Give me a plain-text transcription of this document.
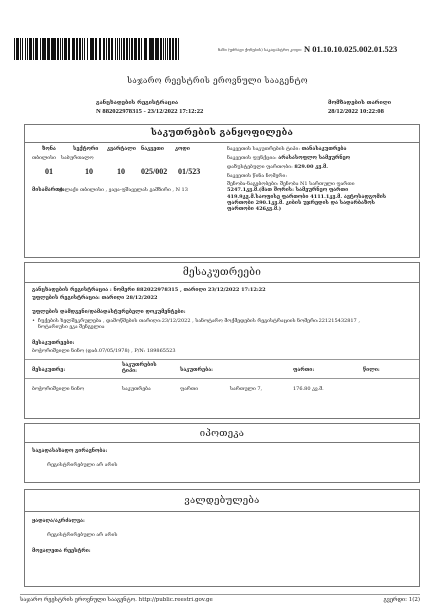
ნაზი (უძრავი ქონების) საკადასტრო კოდი: N 01.10.10.025.002.01.523
საჯარო რეესტრის ეროვნული სააგენტო
განცხადების რეგისტრაცია
N 882022978315 - 23/12/2022 17:12:22
მომზადების თარიღი
28/12/2022 10:22:08
საკუთრების განყოფილება
ზონა	სექტორი კვარტალი ნაკვეთი კოდი
თბილისი საბურთალო
01	10	10 025/002 01/523
მისამართი:
ქალაქი თბილისი , ვაჟა-ფშაველას გამზირი , N 13
ნაკვეთის საკუთრების ტიპი: თანასაკუთრება
ნაკვეთის ფუნქცია: არასასოფლო სამეურნეო
დაზუსტებული ფართობი: 829.00 კვ.მ.
ნაკვეთის წინა ნომერი:
შენობა-ნაგებობები: შენობა N1 სართული ფართი
5247.1კვ.მ.(მათ შორის: სამეურნეო ფართი
419.9კვ.მ.საოფისე ფართობი 4111.1კვ.მ. ავტოსადგომის
ფართობი 290.1კვ.მ. კიბის უჯრედის და სადარბაზოს
ფართობი 426კვ.მ.)
მესაკუთრეები
განცხადების რეგისტრაცია : ნომერი 882022978315 , თარიღი 23/12/2022 17:12:22
უფლების რეგისტრაცია: თარიღი 28/12/2022
უფლების დამდგენი/დამადასტურებელი დოკუმენტები:
• ჩუქების ხელშეკრულება , დამოწმების თარიღი:23/12/2022 , სანოტარო მოქმედების რეგისტრაციის ნომერი:221215432817 ,
ნოტარიუსი ეკა შენგელია
მესაკუთრეები:
ბოჭორიშვილი ნინო (დაბ.07/05/1978) , P/N: 189865523
მესაკუთრე:
საკუთრების ტიპი:	საკუთრება:	ფართი:	წილი:
ბოჭორიშვილი ნინო	საკუთრება	ფართი	სართული 7,	176.80 კვ.მ.
იპოთეკა
საგადასახადო გირავნობა:
რეგისტრირებული არ არის
ვალდებულება
ყადაღა/აკრძალვა:
რეგისტრირებული არ არის
მოვალეთა რეესტრი:
საჯარო რეესტრის ეროვნული სააგენტო. http://public.reestri.gov.ge	გვერდი: 1(2)
